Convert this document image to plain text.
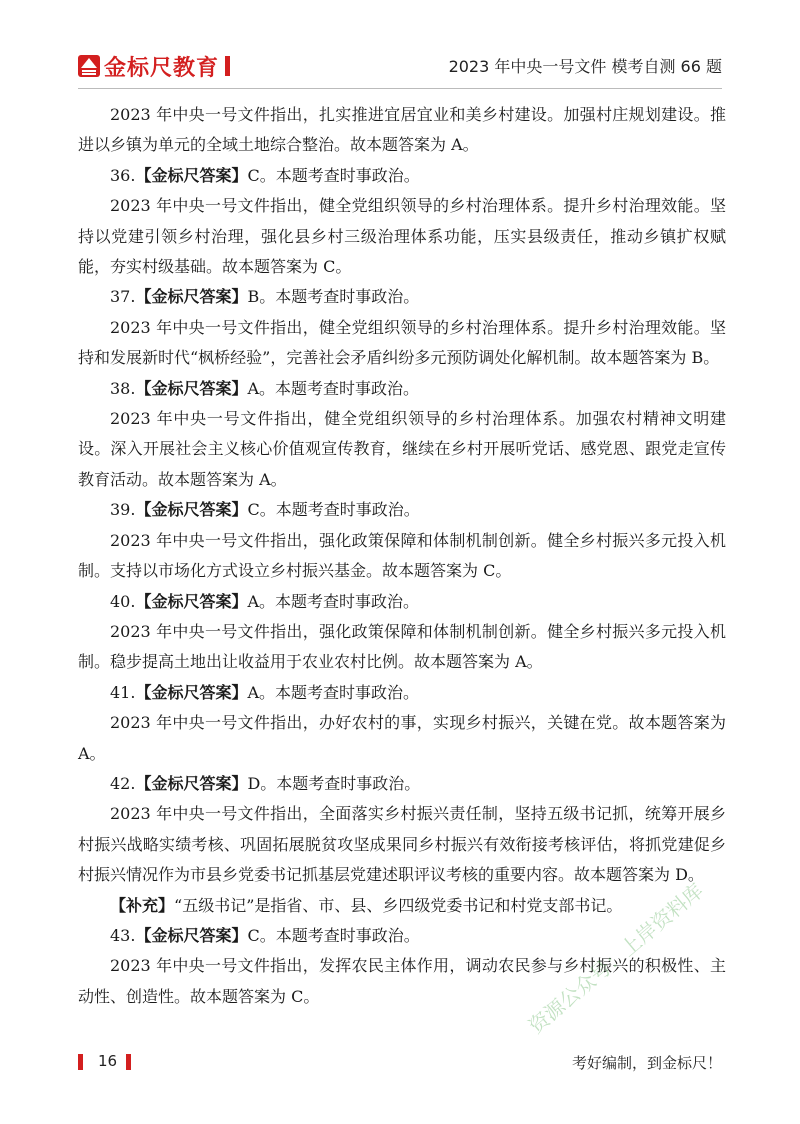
金标尺教育	2023 年中央一号文件 模考自测 66 题

2023 年中央一号文件指出，扎实推进宜居宜业和美乡村建设。加强村庄规划建设。推进以乡镇为单元的全域土地综合整治。故本题答案为 A。

36.【金标尺答案】C。本题考查时事政治。

2023 年中央一号文件指出，健全党组织领导的乡村治理体系。提升乡村治理效能。坚持以党建引领乡村治理，强化县乡村三级治理体系功能，压实县级责任，推动乡镇扩权赋能，夯实村级基础。故本题答案为 C。

37.【金标尺答案】B。本题考查时事政治。

2023 年中央一号文件指出，健全党组织领导的乡村治理体系。提升乡村治理效能。坚持和发展新时代“枫桥经验”，完善社会矛盾纠纷多元预防调处化解机制。故本题答案为 B。

38.【金标尺答案】A。本题考查时事政治。

2023 年中央一号文件指出，健全党组织领导的乡村治理体系。加强农村精神文明建设。深入开展社会主义核心价值观宣传教育，继续在乡村开展听党话、感党恩、跟党走宣传教育活动。故本题答案为 A。

39.【金标尺答案】C。本题考查时事政治。

2023 年中央一号文件指出，强化政策保障和体制机制创新。健全乡村振兴多元投入机制。支持以市场化方式设立乡村振兴基金。故本题答案为 C。

40.【金标尺答案】A。本题考查时事政治。

2023 年中央一号文件指出，强化政策保障和体制机制创新。健全乡村振兴多元投入机制。稳步提高土地出让收益用于农业农村比例。故本题答案为 A。

41.【金标尺答案】A。本题考查时事政治。

2023 年中央一号文件指出，办好农村的事，实现乡村振兴，关键在党。故本题答案为 A。

42.【金标尺答案】D。本题考查时事政治。

2023 年中央一号文件指出，全面落实乡村振兴责任制，坚持五级书记抓，统筹开展乡村振兴战略实绩考核、巩固拓展脱贫攻坚成果同乡村振兴有效衔接考核评估，将抓党建促乡村振兴情况作为市县乡党委书记抓基层党建述职评议考核的重要内容。故本题答案为 D。

【补充】“五级书记”是指省、市、县、乡四级党委书记和村党支部书记。

43.【金标尺答案】C。本题考查时事政治。

2023 年中央一号文件指出，发挥农民主体作用，调动农民参与乡村振兴的积极性、主动性、创造性。故本题答案为 C。	资源公众号：上岸资料库
16	考好编制，到金标尺！
